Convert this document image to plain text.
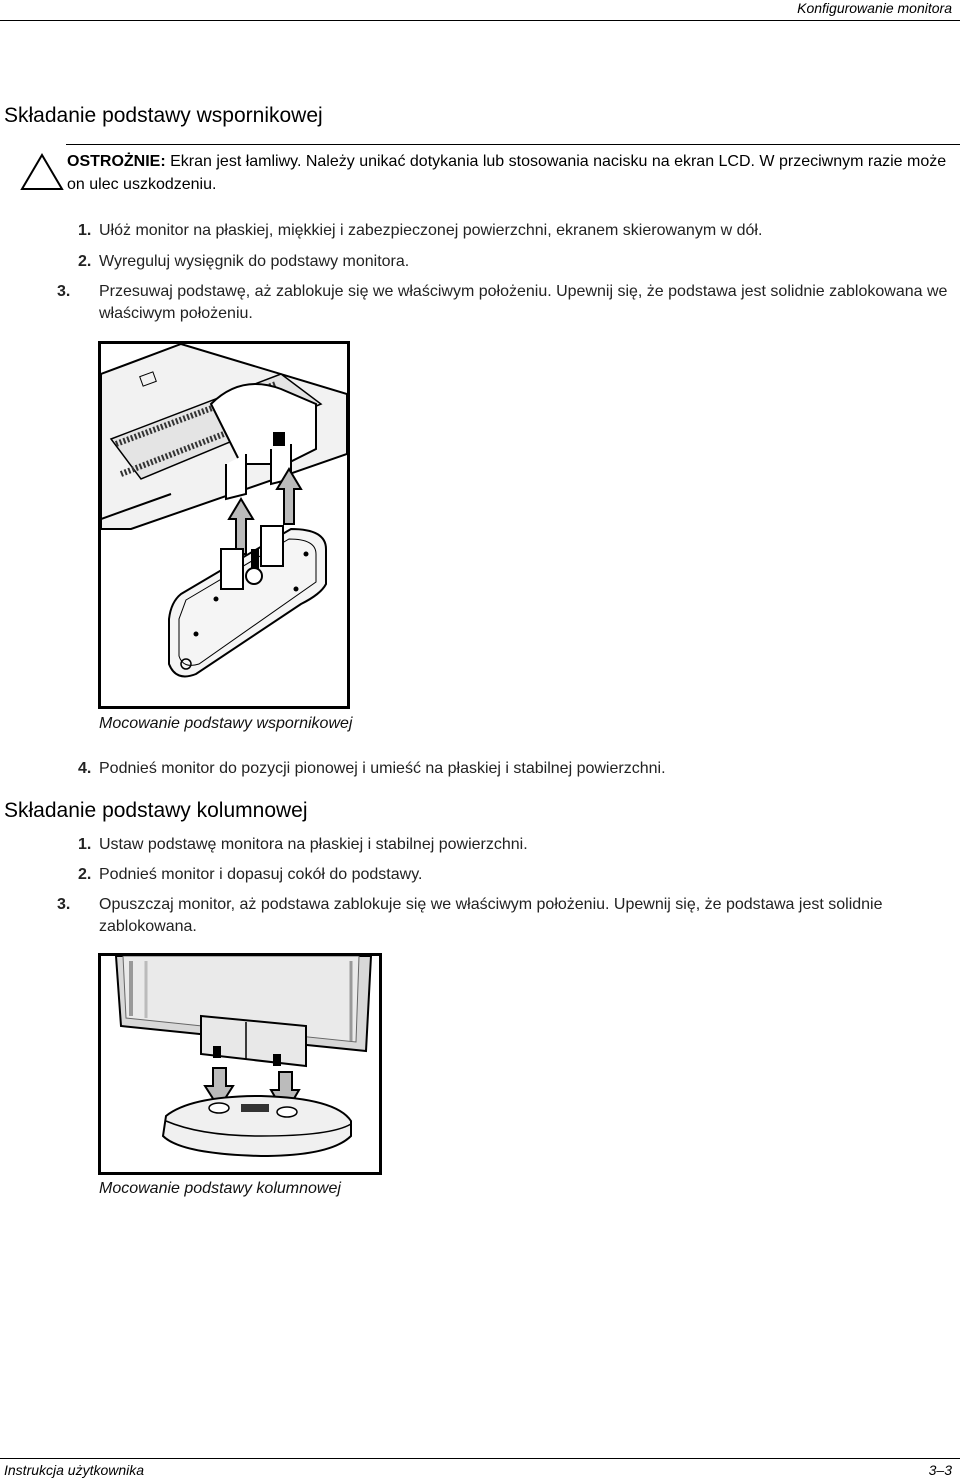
Konfigurowanie monitora
Składanie podstawy wspornikowej
OSTROŻNIE: Ekran jest łamliwy. Należy unikać dotykania lub stosowania nacisku na ekran LCD. W przeciwnym razie może on ulec uszkodzeniu.
1. Ułóż monitor na płaskiej, miękkiej i zabezpieczonej powierzchni, ekranem skierowanym w dół.
2. Wyreguluj wysięgnik do podstawy monitora.
3. Przesuwaj podstawę, aż zablokuje się we właściwym położeniu. Upewnij się, że podstawa jest solidnie zablokowana we właściwym położeniu.
Mocowanie podstawy wspornikowej
4. Podnieś monitor do pozycji pionowej i umieść na płaskiej i stabilnej powierzchni.
Składanie podstawy kolumnowej
1. Ustaw podstawę monitora na płaskiej i stabilnej powierzchni.
2. Podnieś monitor i dopasuj cokół do podstawy.
3. Opuszczaj monitor, aż podstawa zablokuje się we właściwym położeniu. Upewnij się, że podstawa jest solidnie zablokowana.
Mocowanie podstawy kolumnowej
Instrukcja użytkownika	3–3
